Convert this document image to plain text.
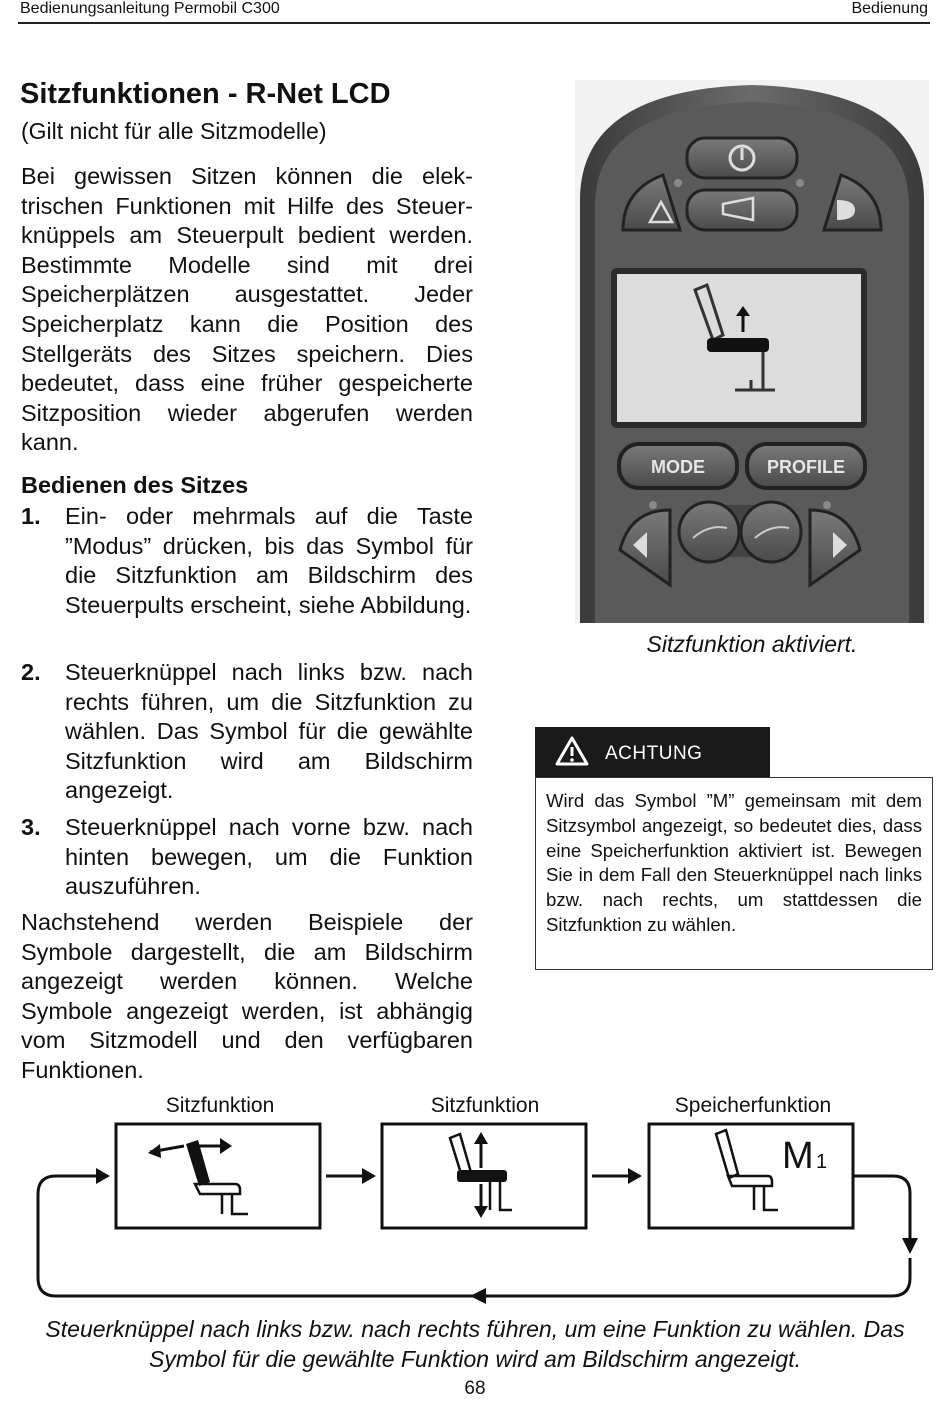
Bedienungsanleitung Permobil C300	Bedienung
Sitzfunktionen - R-Net LCD
(Gilt nicht für alle Sitzmodelle)
Bei gewissen Sitzen können die elektrischen Funktionen mit Hilfe des Steuer-knüppels am Steuerpult bedient werden. Bestimmte Modelle sind mit drei Speicherplätzen ausgestattet. Jeder Speicherplatz kann die Position des Stellgeräts des Sitzes speichern. Dies bedeutet, dass eine früher gespeicherte Sitzposition wieder abgerufen werden kann.
Bedienen des Sitzes
1. Ein- oder mehrmals auf die Taste ”Modus” drücken, bis das Symbol für die Sitzfunktion am Bildschirm des Steuerpults erscheint, siehe Abbildung.
2. Steuerknüppel nach links bzw. nach rechts führen, um die Sitzfunktion zu wählen. Das Symbol für die gewählte Sitzfunktion wird am Bildschirm angezeigt.
3. Steuerknüppel nach vorne bzw. nach hinten bewegen, um die Funktion auszuführen.
Nachstehend werden Beispiele der Symbole dargestellt, die am Bildschirm angezeigt werden können. Welche Symbole angezeigt werden, ist abhängig vom Sitzmodell und den verfügbaren Funktionen.
MODE	PROFILE
Sitzfunktion aktiviert.
ACHTUNG
Wird das Symbol ”M” gemeinsam mit dem Sitzsymbol angezeigt, so bedeutet dies, dass eine Speicherfunktion aktiviert ist. Bewegen Sie in dem Fall den Steuerknüppel nach links bzw. nach rechts, um stattdessen die Sitzfunktion zu wählen.
Sitzfunktion	Sitzfunktion	Speicherfunktion
M 1
Steuerknüppel nach links bzw. nach rechts führen, um eine Funktion zu wählen. Das Symbol für die gewählte Funktion wird am Bildschirm angezeigt.
68
